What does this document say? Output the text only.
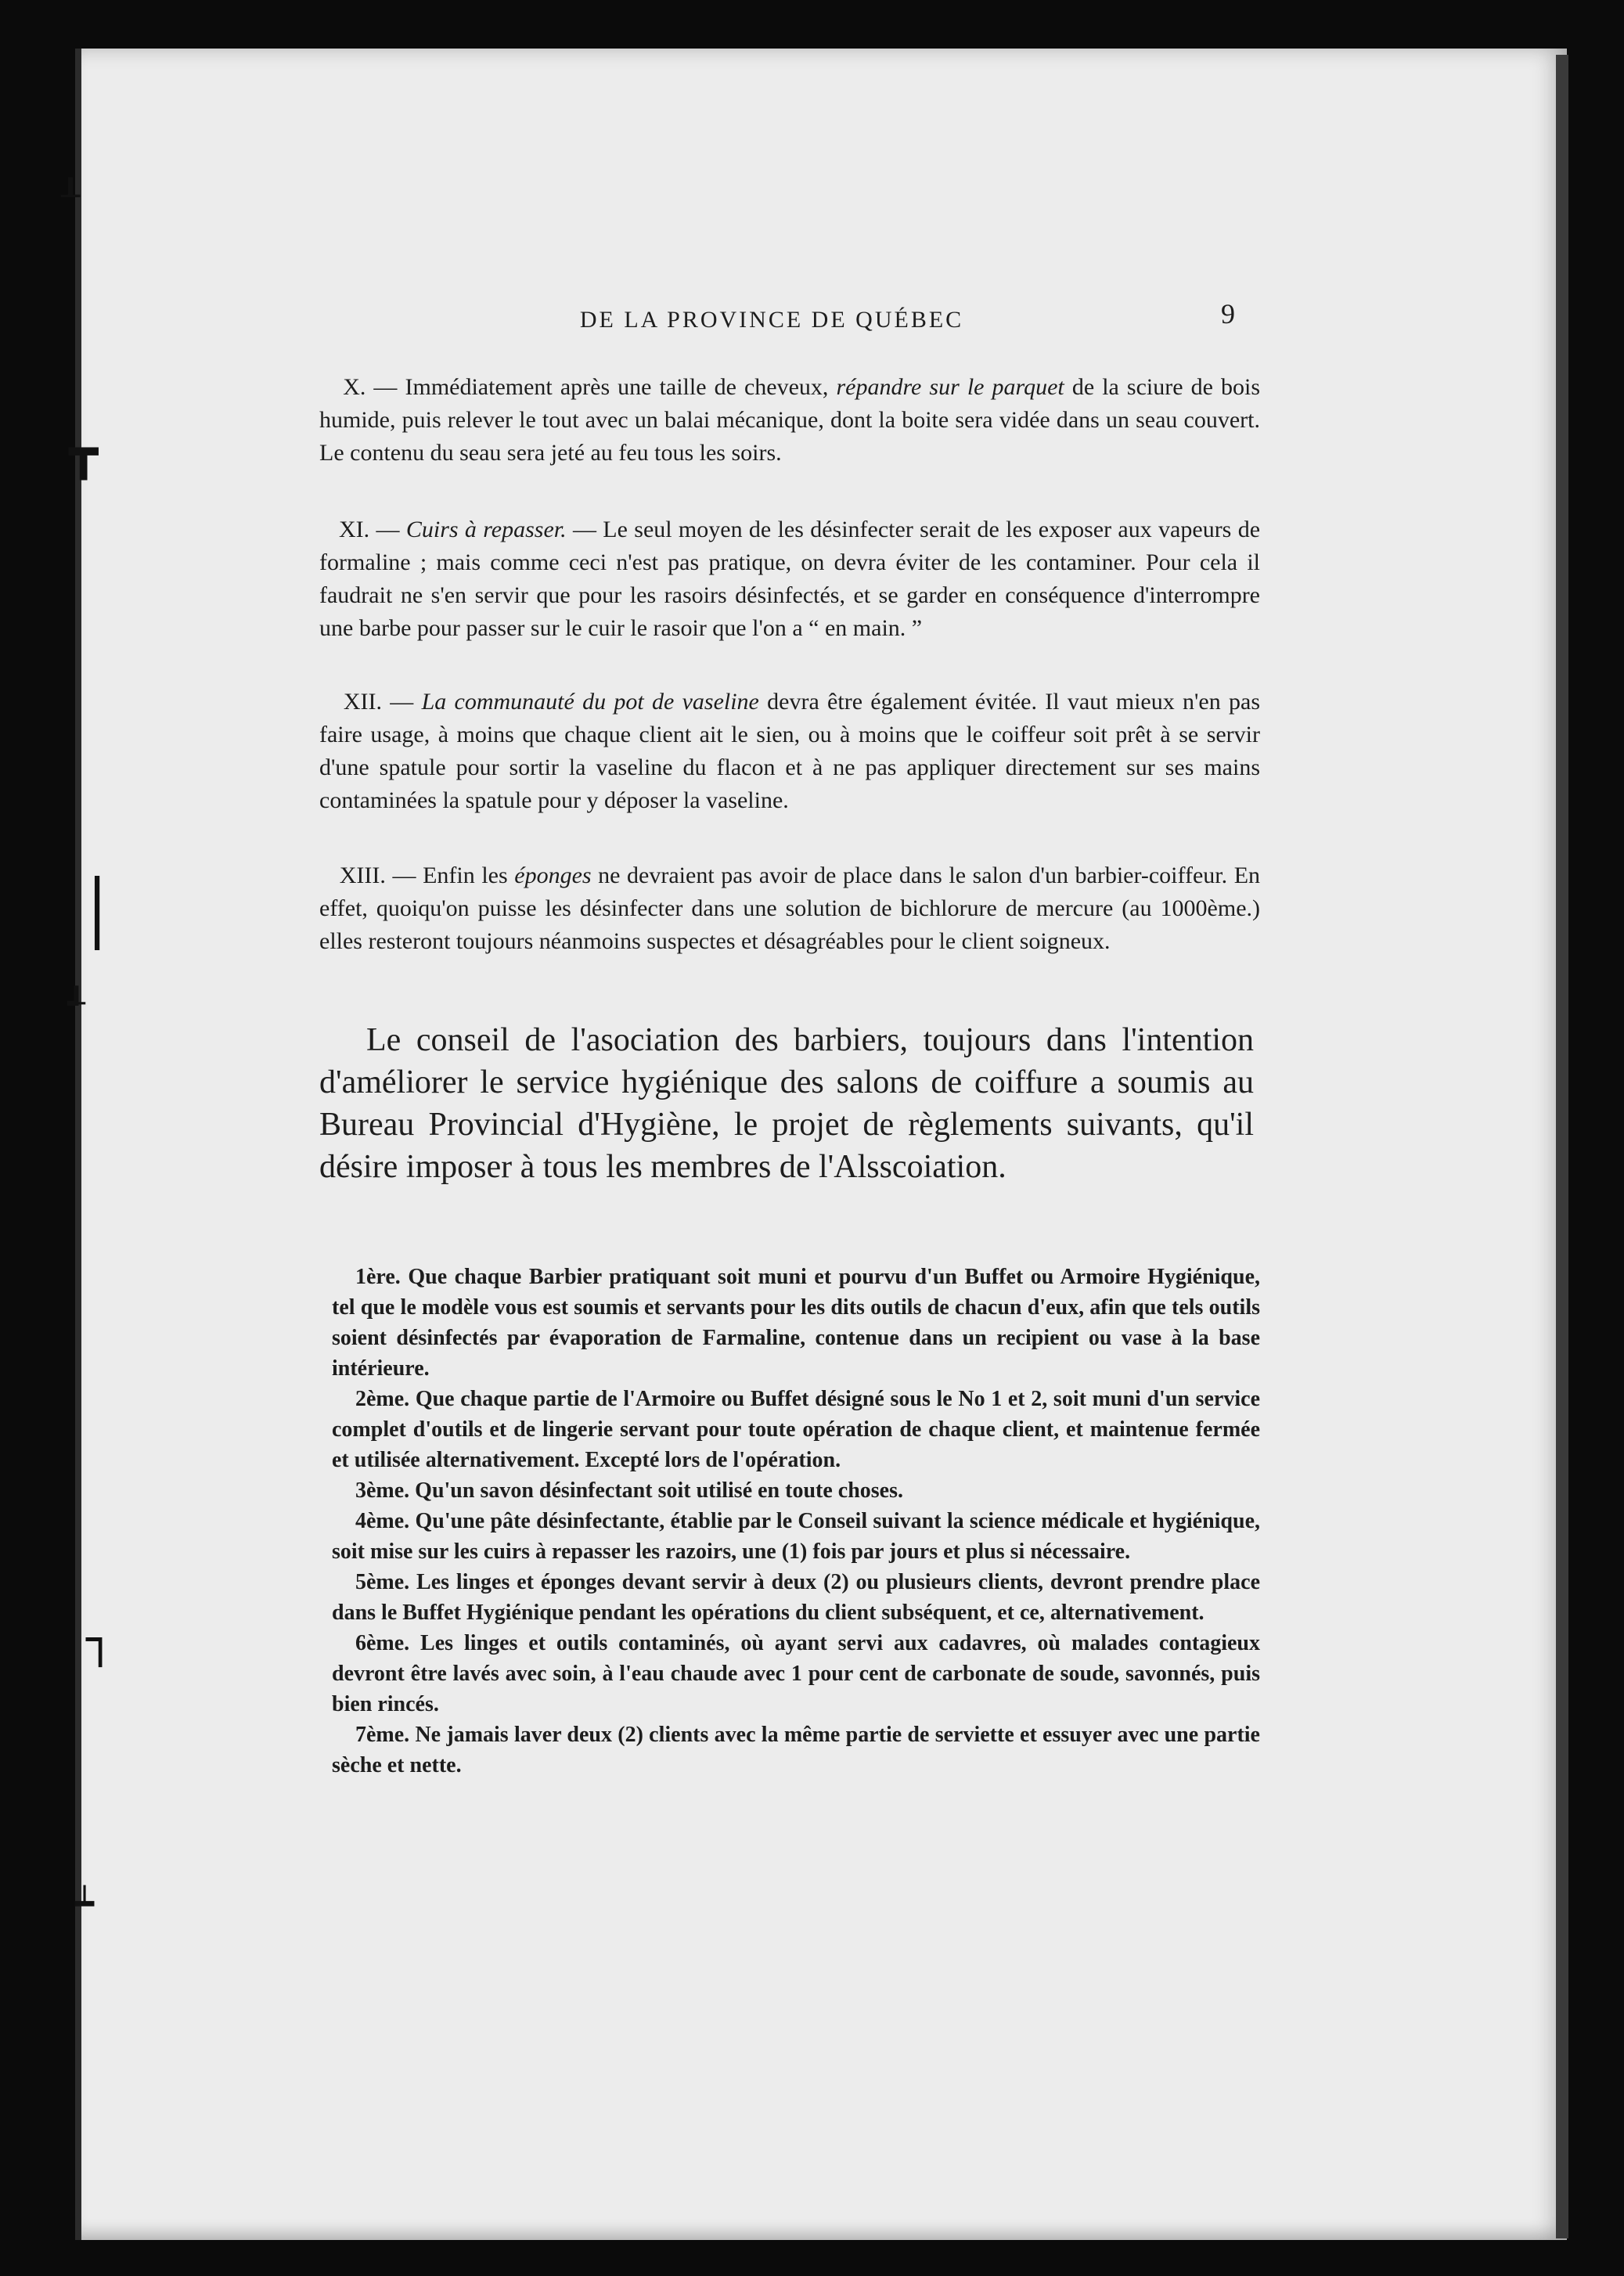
┸
┳
│
┹
┐
┷
DE LA PROVINCE DE QUÉBEC	9

X. — Immédiatement après une taille de cheveux, répandre sur le parquet de la sciure de bois humide, puis relever le tout avec un balai mécanique, dont la boite sera vidée dans un seau couvert. Le contenu du seau sera jeté au feu tous les soirs.

XI. — Cuirs à repasser. — Le seul moyen de les désinfecter serait de les exposer aux vapeurs de formaline ; mais comme ceci n'est pas pratique, on devra éviter de les contaminer. Pour cela il faudrait ne s'en servir que pour les rasoirs désinfectés, et se garder en conséquence d'interrompre une barbe pour passer sur le cuir le rasoir que l'on a “ en main. ”

XII. — La communauté du pot de vaseline devra être également évitée. Il vaut mieux n'en pas faire usage, à moins que chaque client ait le sien, ou à moins que le coiffeur soit prêt à se servir d'une spatule pour sortir la vaseline du flacon et à ne pas appliquer directement sur ses mains contaminées la spatule pour y déposer la vaseline.

XIII. — Enfin les éponges ne devraient pas avoir de place dans le salon d'un barbier-coiffeur. En effet, quoiqu'on puisse les désinfecter dans une solution de bichlorure de mercure (au 1000ème.) elles resteront toujours néanmoins suspectes et désagréables pour le client soigneux.

Le conseil de l'asociation des barbiers, toujours dans l'intention d'améliorer le service hygiénique des salons de coiffure a soumis au Bureau Provincial d'Hygiène, le projet de règlements suivants, qu'il désire imposer à tous les membres de l'Alsscoiation.

1ère. Que chaque Barbier pratiquant soit muni et pourvu d'un Buffet ou Armoire Hygiénique, tel que le modèle vous est soumis et servants pour les dits outils de chacun d'eux, afin que tels outils soient désinfectés par évaporation de Farmaline, contenue dans un recipient ou vase à la base intérieure.

2ème. Que chaque partie de l'Armoire ou Buffet désigné sous le No 1 et 2, soit muni d'un service complet d'outils et de lingerie servant pour toute opération de chaque client, et maintenue fermée et utilisée alternativement. Excepté lors de l'opération.

3ème. Qu'un savon désinfectant soit utilisé en toute choses.

4ème. Qu'une pâte désinfectante, établie par le Conseil suivant la science médicale et hygiénique, soit mise sur les cuirs à repasser les razoirs, une (1) fois par jours et plus si nécessaire.

5ème. Les linges et éponges devant servir à deux (2) ou plusieurs clients, devront prendre place dans le Buffet Hygiénique pendant les opérations du client subséquent, et ce, alternativement.

6ème. Les linges et outils contaminés, où ayant servi aux cadavres, où malades contagieux devront être lavés avec soin, à l'eau chaude avec 1 pour cent de carbonate de soude, savonnés, puis bien rincés.

7ème. Ne jamais laver deux (2) clients avec la même partie de serviette et essuyer avec une partie sèche et nette.
